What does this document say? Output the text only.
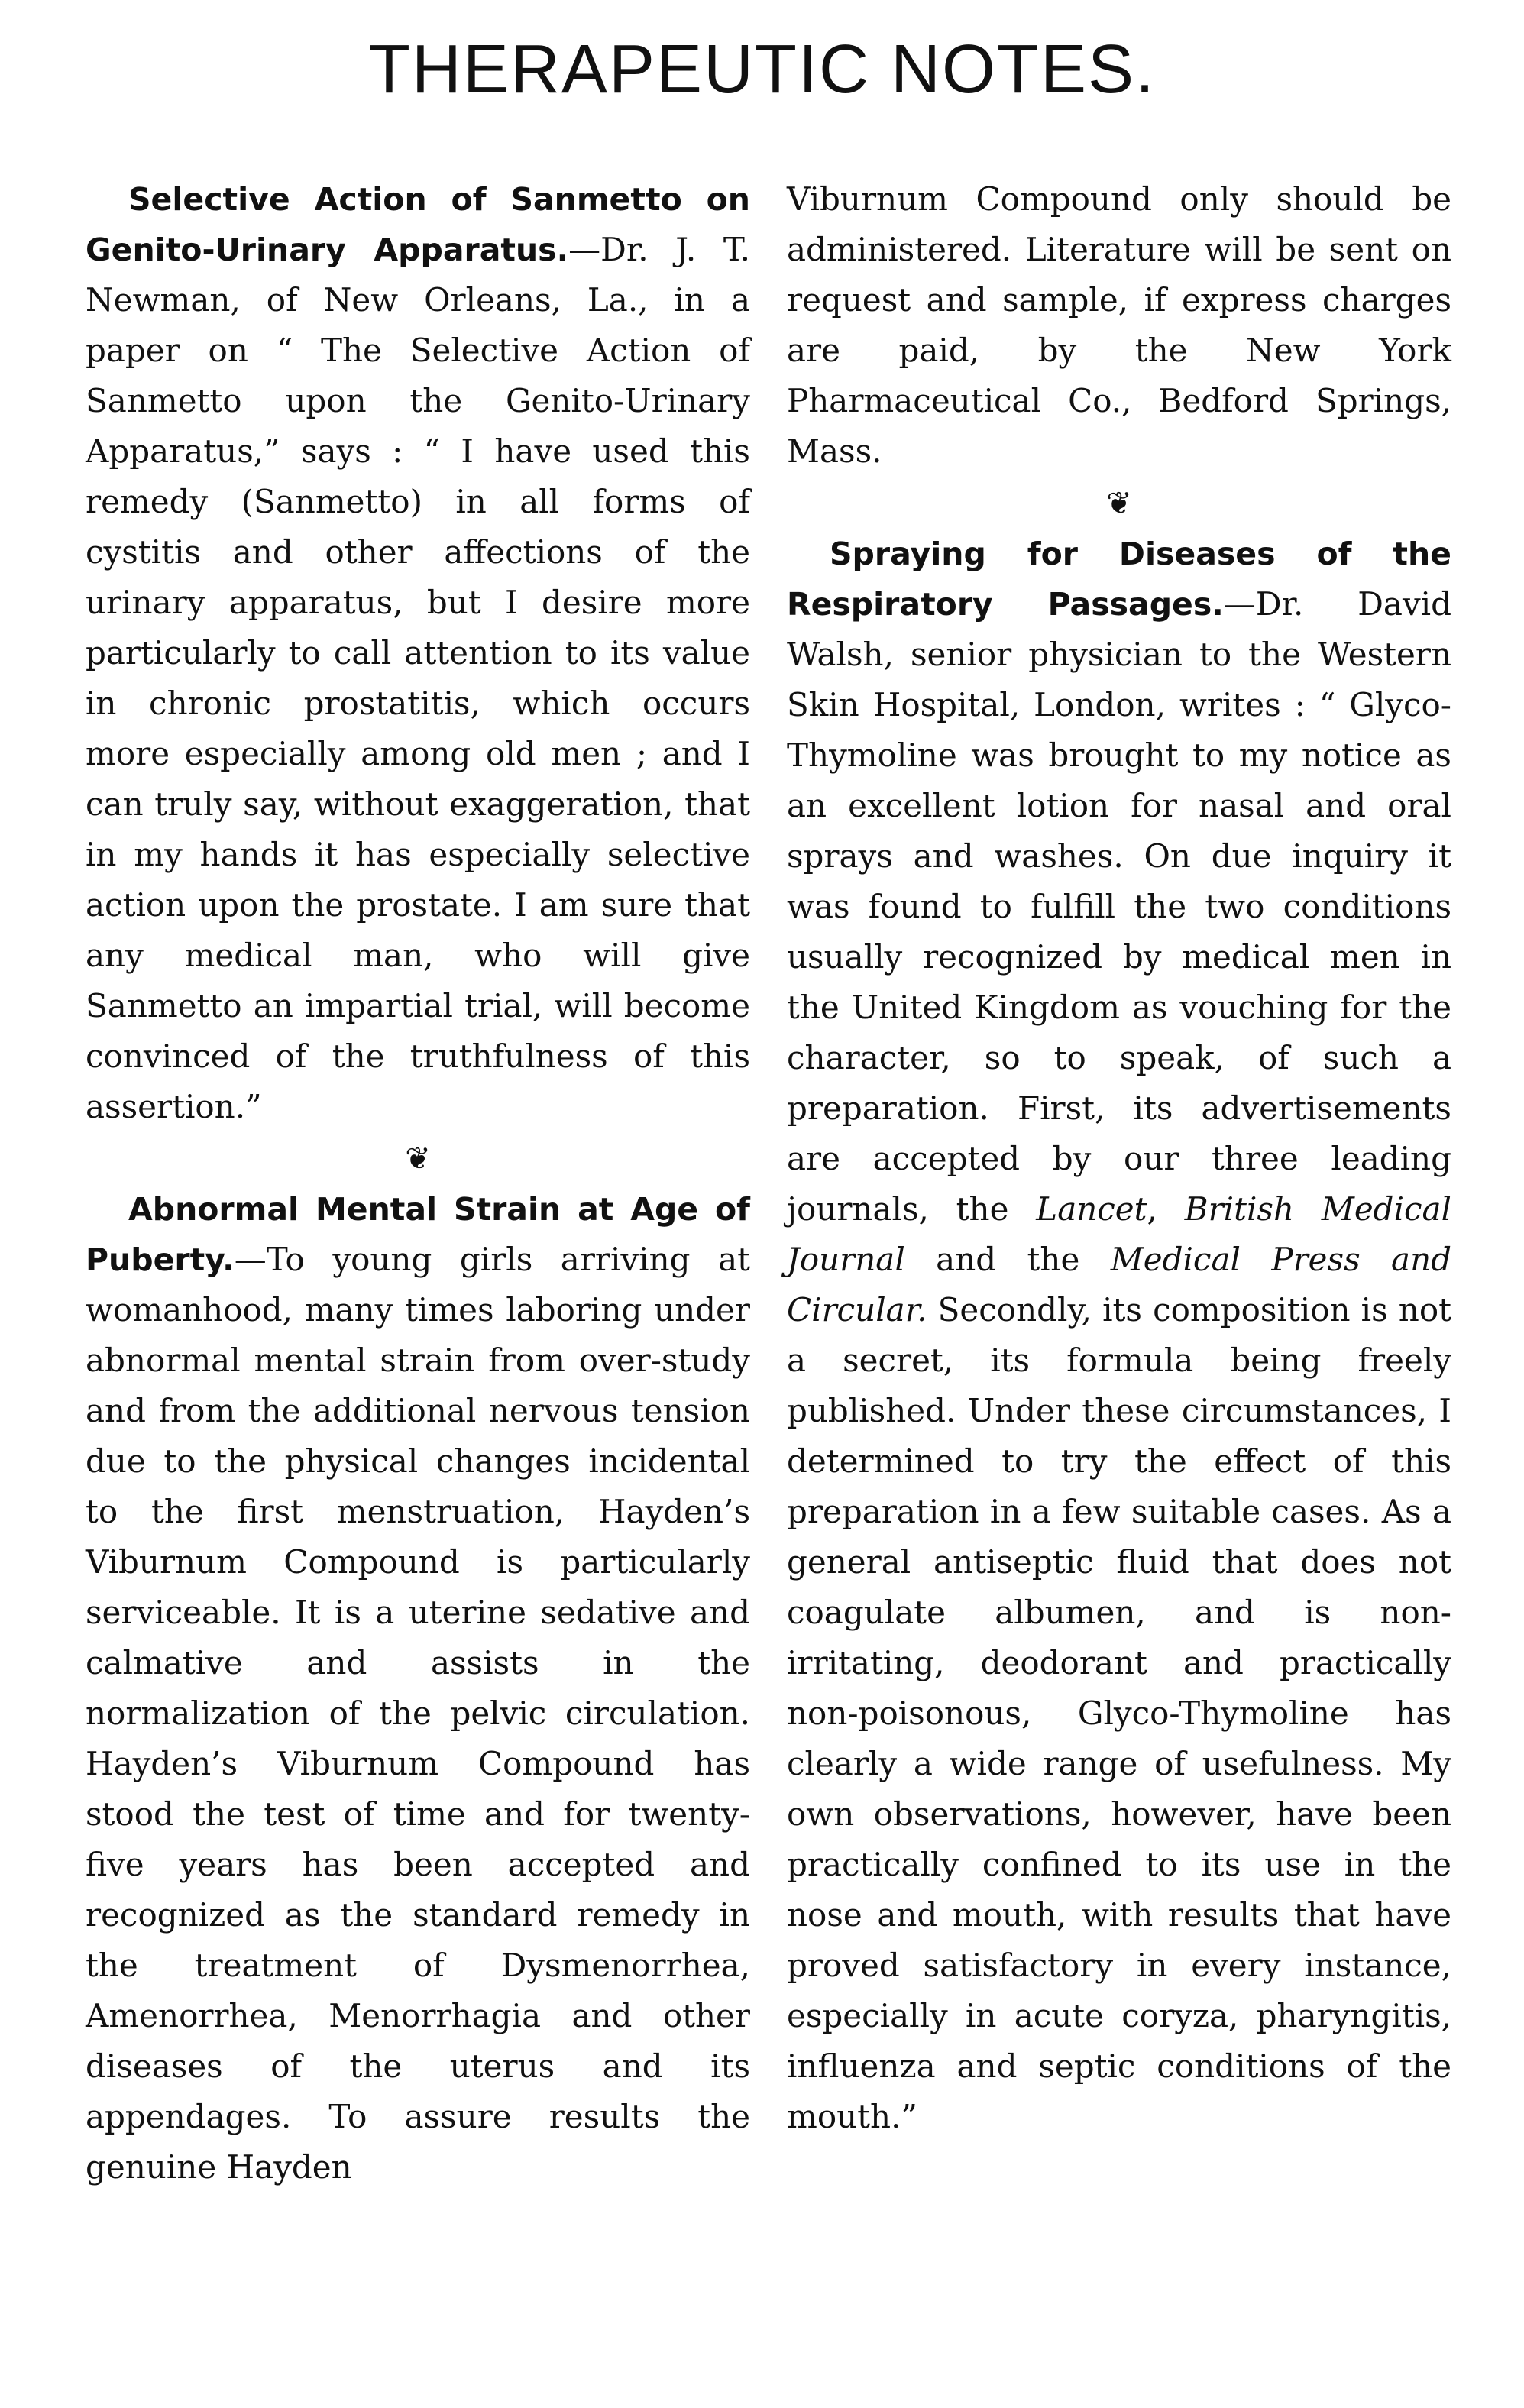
THERAPEUTIC NOTES.

Selective Action of Sanmetto on Genito-Urinary Apparatus.—Dr. J. T. Newman, of New Orleans, La., in a paper on “ The Selective Action of Sanmetto upon the Genito-Urinary Apparatus,” says : “ I have used this remedy (Sanmetto) in all forms of cystitis and other affections of the urinary apparatus, but I desire more particularly to call attention to its value in chronic prostatitis, which occurs more especially among old men ; and I can truly say, without exaggeration, that in my hands it has especially selective action upon the prostate. I am sure that any medical man, who will give Sanmetto an impartial trial, will become convinced of the truthfulness of this assertion.”

❦

Abnormal Mental Strain at Age of Puberty.—To young girls arriving at womanhood, many times laboring under abnormal mental strain from over-study and from the additional nervous tension due to the physical changes incidental to the first menstruation, Hayden’s Viburnum Compound is particularly serviceable. It is a uterine sedative and calmative and assists in the normalization of the pelvic circulation. Hayden’s Viburnum Compound has stood the test of time and for twenty-five years has been accepted and recognized as the standard remedy in the treatment of Dysmenorrhea, Amenorrhea, Menorrhagia and other diseases of the uterus and its appendages. To assure results the genuine Hayden

Viburnum Compound only should be administered. Literature will be sent on request and sample, if express charges are paid, by the New York Pharmaceutical Co., Bedford Springs, Mass.

❦

Spraying for Diseases of the Respiratory Passages.—Dr. David Walsh, senior physician to the Western Skin Hospital, London, writes : “ Glyco-Thymoline was brought to my notice as an excellent lotion for nasal and oral sprays and washes. On due inquiry it was found to fulfill the two conditions usually recognized by medical men in the United Kingdom as vouching for the character, so to speak, of such a preparation. First, its advertisements are accepted by our three leading journals, the Lancet, British Medical Journal and the Medical Press and Circular. Secondly, its composition is not a secret, its formula being freely published. Under these circumstances, I determined to try the effect of this preparation in a few suitable cases. As a general antiseptic fluid that does not coagulate albumen, and is non-irritating, deodorant and practically non-poisonous, Glyco-Thymoline has clearly a wide range of usefulness. My own observations, however, have been practically confined to its use in the nose and mouth, with results that have proved satisfactory in every instance, especially in acute coryza, pharyngitis, influenza and septic conditions of the mouth.”
